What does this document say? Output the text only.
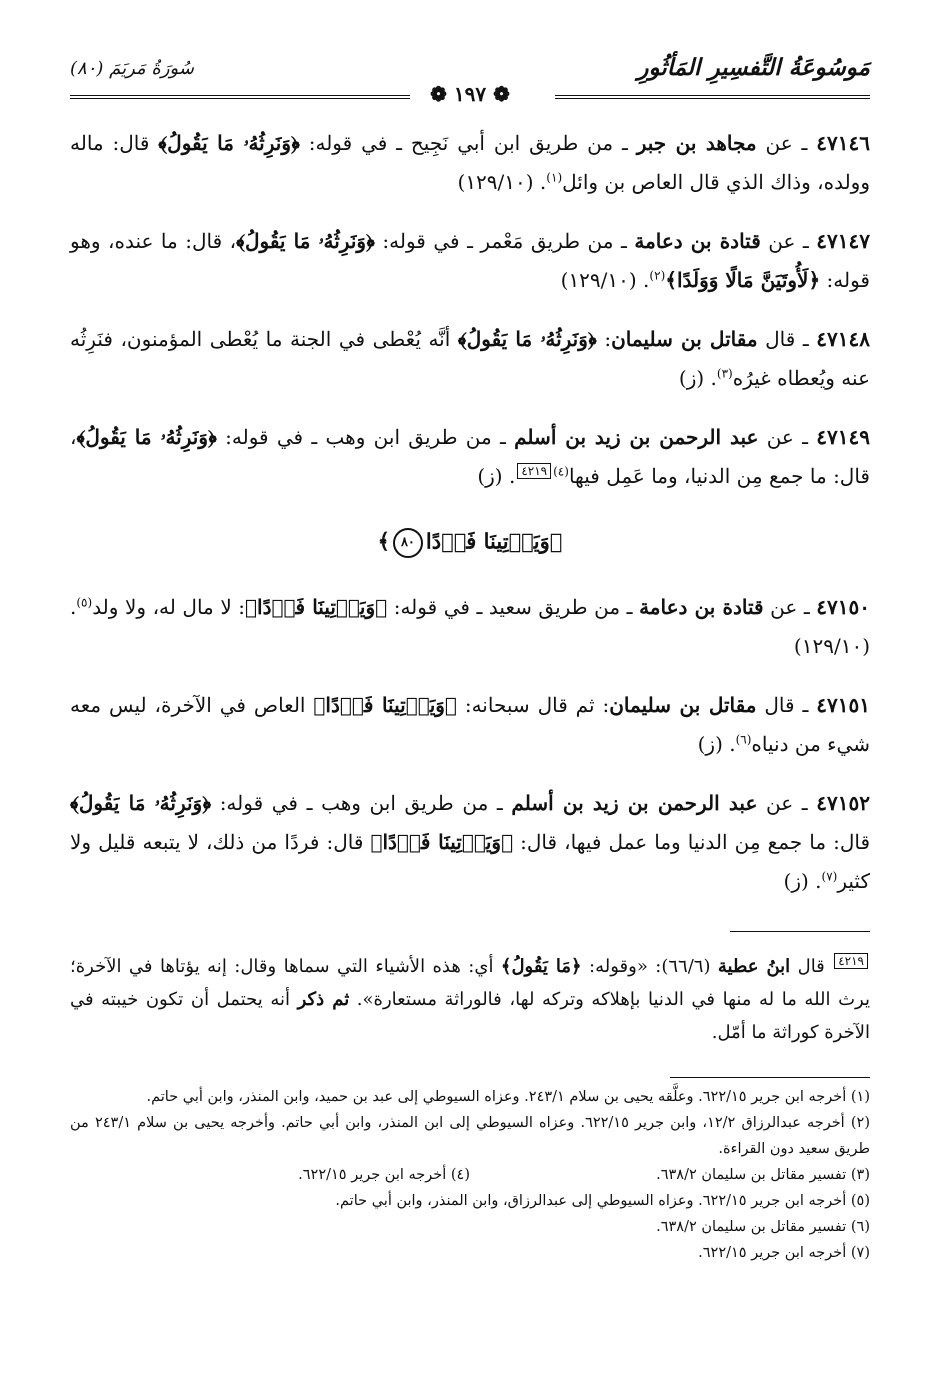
مَوسُوعَةُ التَّفسِيرِ المَأثُورِ
سُورَةُ مَريَمَ (٨٠)
❁ ١٩٧ ❁

٤٧١٤٦ ـ عن مجاهد بن جبر ـ من طريق ابن أبي نَجِيح ـ في قوله: ﴿وَنَرِثُهُۥ مَا يَقُولُ﴾ قال: ماله وولده، وذاك الذي قال العاص بن وائل$^{(١)}$. (١٢٩/١٠)

٤٧١٤٧ ـ عن قتادة بن دعامة ـ من طريق مَعْمر ـ في قوله: ﴿وَنَرِثُهُۥ مَا يَقُولُ﴾، قال: ما عنده، وهو قوله: ﴿لَأُوتَيَنَّ مَالًا وَوَلَدًا﴾$^{(٢)}$. (١٢٩/١٠)

٤٧١٤٨ ـ قال مقاتل بن سليمان: ﴿وَنَرِثُهُۥ مَا يَقُولُ﴾ أنَّه يُعْطى في الجنة ما يُعْطى المؤمنون، فنَرِثُه عنه ويُعطاه غيرُه$^{(٣)}$. (ز)

٤٧١٤٩ ـ عن عبد الرحمن بن زيد بن أسلم ـ من طريق ابن وهب ـ في قوله: ﴿وَنَرِثُهُۥ مَا يَقُولُ﴾، قال: ما جمع مِن الدنيا، وما عَمِل فيها$^{(٤)}$٤٢١٩. (ز)

﴿وَيَأۡتِينَا فَرۡدًا٨٠﴾

٤٧١٥٠ ـ عن قتادة بن دعامة ـ من طريق سعيد ـ في قوله: ﴿وَيَأۡتِينَا فَرۡدًا﴾: لا مال له، ولا ولد$^{(٥)}$. (١٢٩/١٠)

٤٧١٥١ ـ قال مقاتل بن سليمان: ثم قال سبحانه: ﴿وَيَأۡتِينَا فَرۡدًا﴾ العاص في الآخرة، ليس معه شيء من دنياه$^{(٦)}$. (ز)

٤٧١٥٢ ـ عن عبد الرحمن بن زيد بن أسلم ـ من طريق ابن وهب ـ في قوله: ﴿وَنَرِثُهُۥ مَا يَقُولُ﴾ قال: ما جمع مِن الدنيا وما عمل فيها، قال: ﴿وَيَأۡتِينَا فَرۡدًا﴾ قال: فردًا من ذلك، لا يتبعه قليل ولا كثير$^{(٧)}$. (ز)

٤٢١٩ قال ابنُ عطية (٦٦/٦): «وقوله: ﴿مَا يَقُولُ﴾ أي: هذه الأشياء التي سماها وقال: إنه يؤتاها في الآخرة؛ يرث الله ما له منها في الدنيا بإهلاكه وتركه لها، فالوراثة مستعارة». ثم ذكر أنه يحتمل أن تكون خيبته في الآخرة كوراثة ما أمّل.

(١) أخرجه ابن جرير ٦٢٢/١٥. وعلَّقه يحيى بن سلام ٢٤٣/١. وعزاه السيوطي إلى عبد بن حميد، وابن المنذر، وابن أبي حاتم.
(٢) أخرجه عبدالرزاق ١٢/٢، وابن جرير ٦٢٢/١٥. وعزاه السيوطي إلى ابن المنذر، وابن أبي حاتم. وأخرجه يحيى بن سلام ٢٤٣/١ من طريق سعيد دون القراءة.
(٣) تفسير مقاتل بن سليمان ٦٣٨/٢.
(٤) أخرجه ابن جرير ٦٢٢/١٥.
(٥) أخرجه ابن جرير ٦٢٢/١٥. وعزاه السيوطي إلى عبدالرزاق، وابن المنذر، وابن أبي حاتم.
(٦) تفسير مقاتل بن سليمان ٦٣٨/٢.
(٧) أخرجه ابن جرير ٦٢٢/١٥.
